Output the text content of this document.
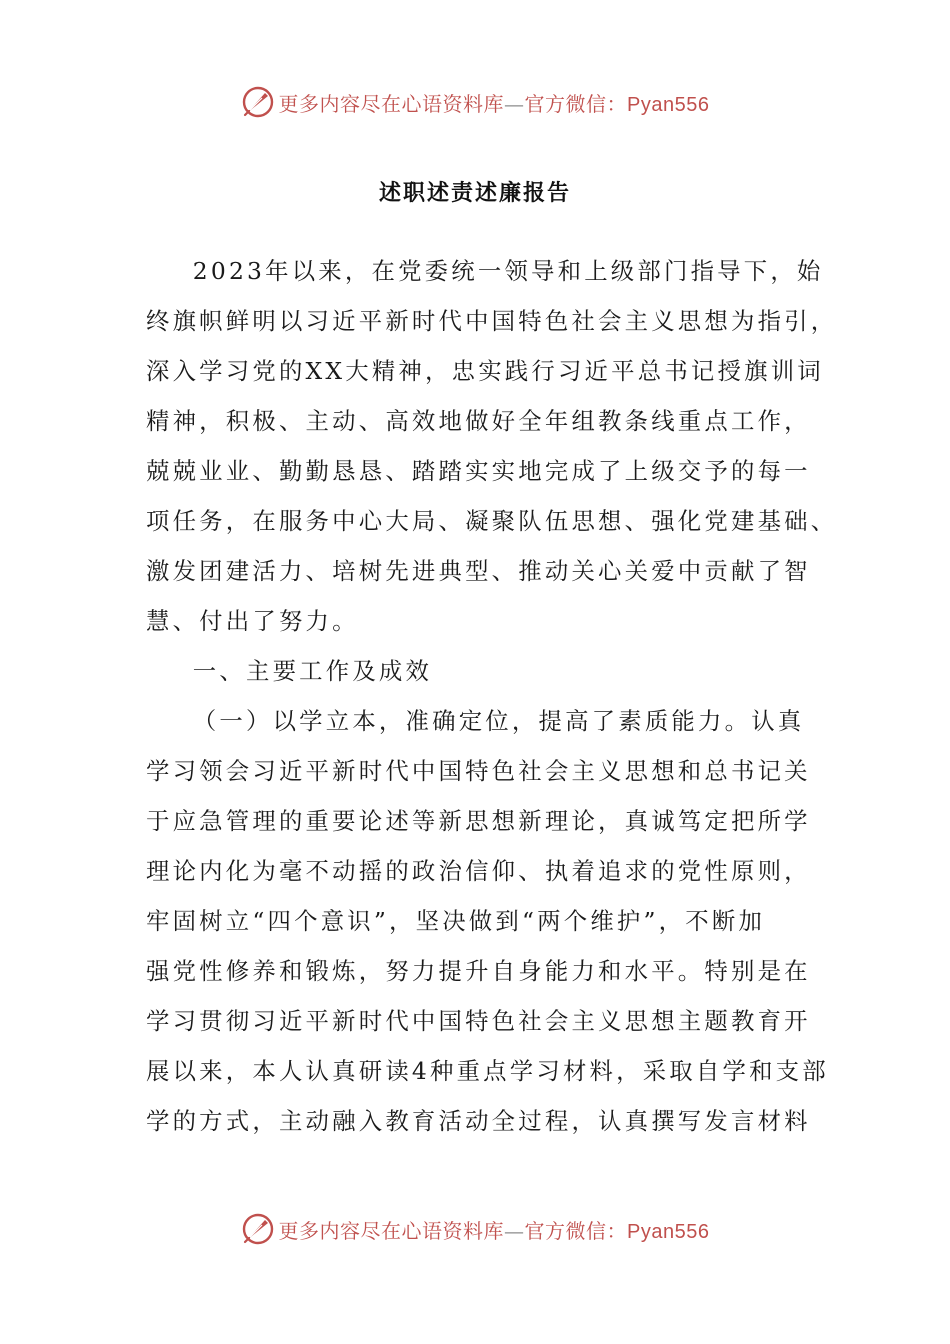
更多内容尽在心语资料库—官方微信：Pyan556
述职述责述廉报告

2023年以来，在党委统一领导和上级部门指导下，始
终旗帜鲜明以习近平新时代中国特色社会主义思想为指引，
深入学习党的XX大精神，忠实践行习近平总书记授旗训词
精神，积极、主动、高效地做好全年组教条线重点工作，
兢兢业业、勤勤恳恳、踏踏实实地完成了上级交予的每一
项任务，在服务中心大局、凝聚队伍思想、强化党建基础、
激发团建活力、培树先进典型、推动关心关爱中贡献了智
慧、付出了努力。

一、主要工作及成效

（一）以学立本，准确定位，提高了素质能力。认真
学习领会习近平新时代中国特色社会主义思想和总书记关
于应急管理的重要论述等新思想新理论，真诚笃定把所学
理论内化为毫不动摇的政治信仰、执着追求的党性原则，
牢固树立“四个意识”，坚决做到“两个维护”，不断加
强党性修养和锻炼，努力提升自身能力和水平。特别是在
学习贯彻习近平新时代中国特色社会主义思想主题教育开
展以来，本人认真研读4种重点学习材料，采取自学和支部
学的方式，主动融入教育活动全过程，认真撰写发言材料

更多内容尽在心语资料库—官方微信：Pyan556
